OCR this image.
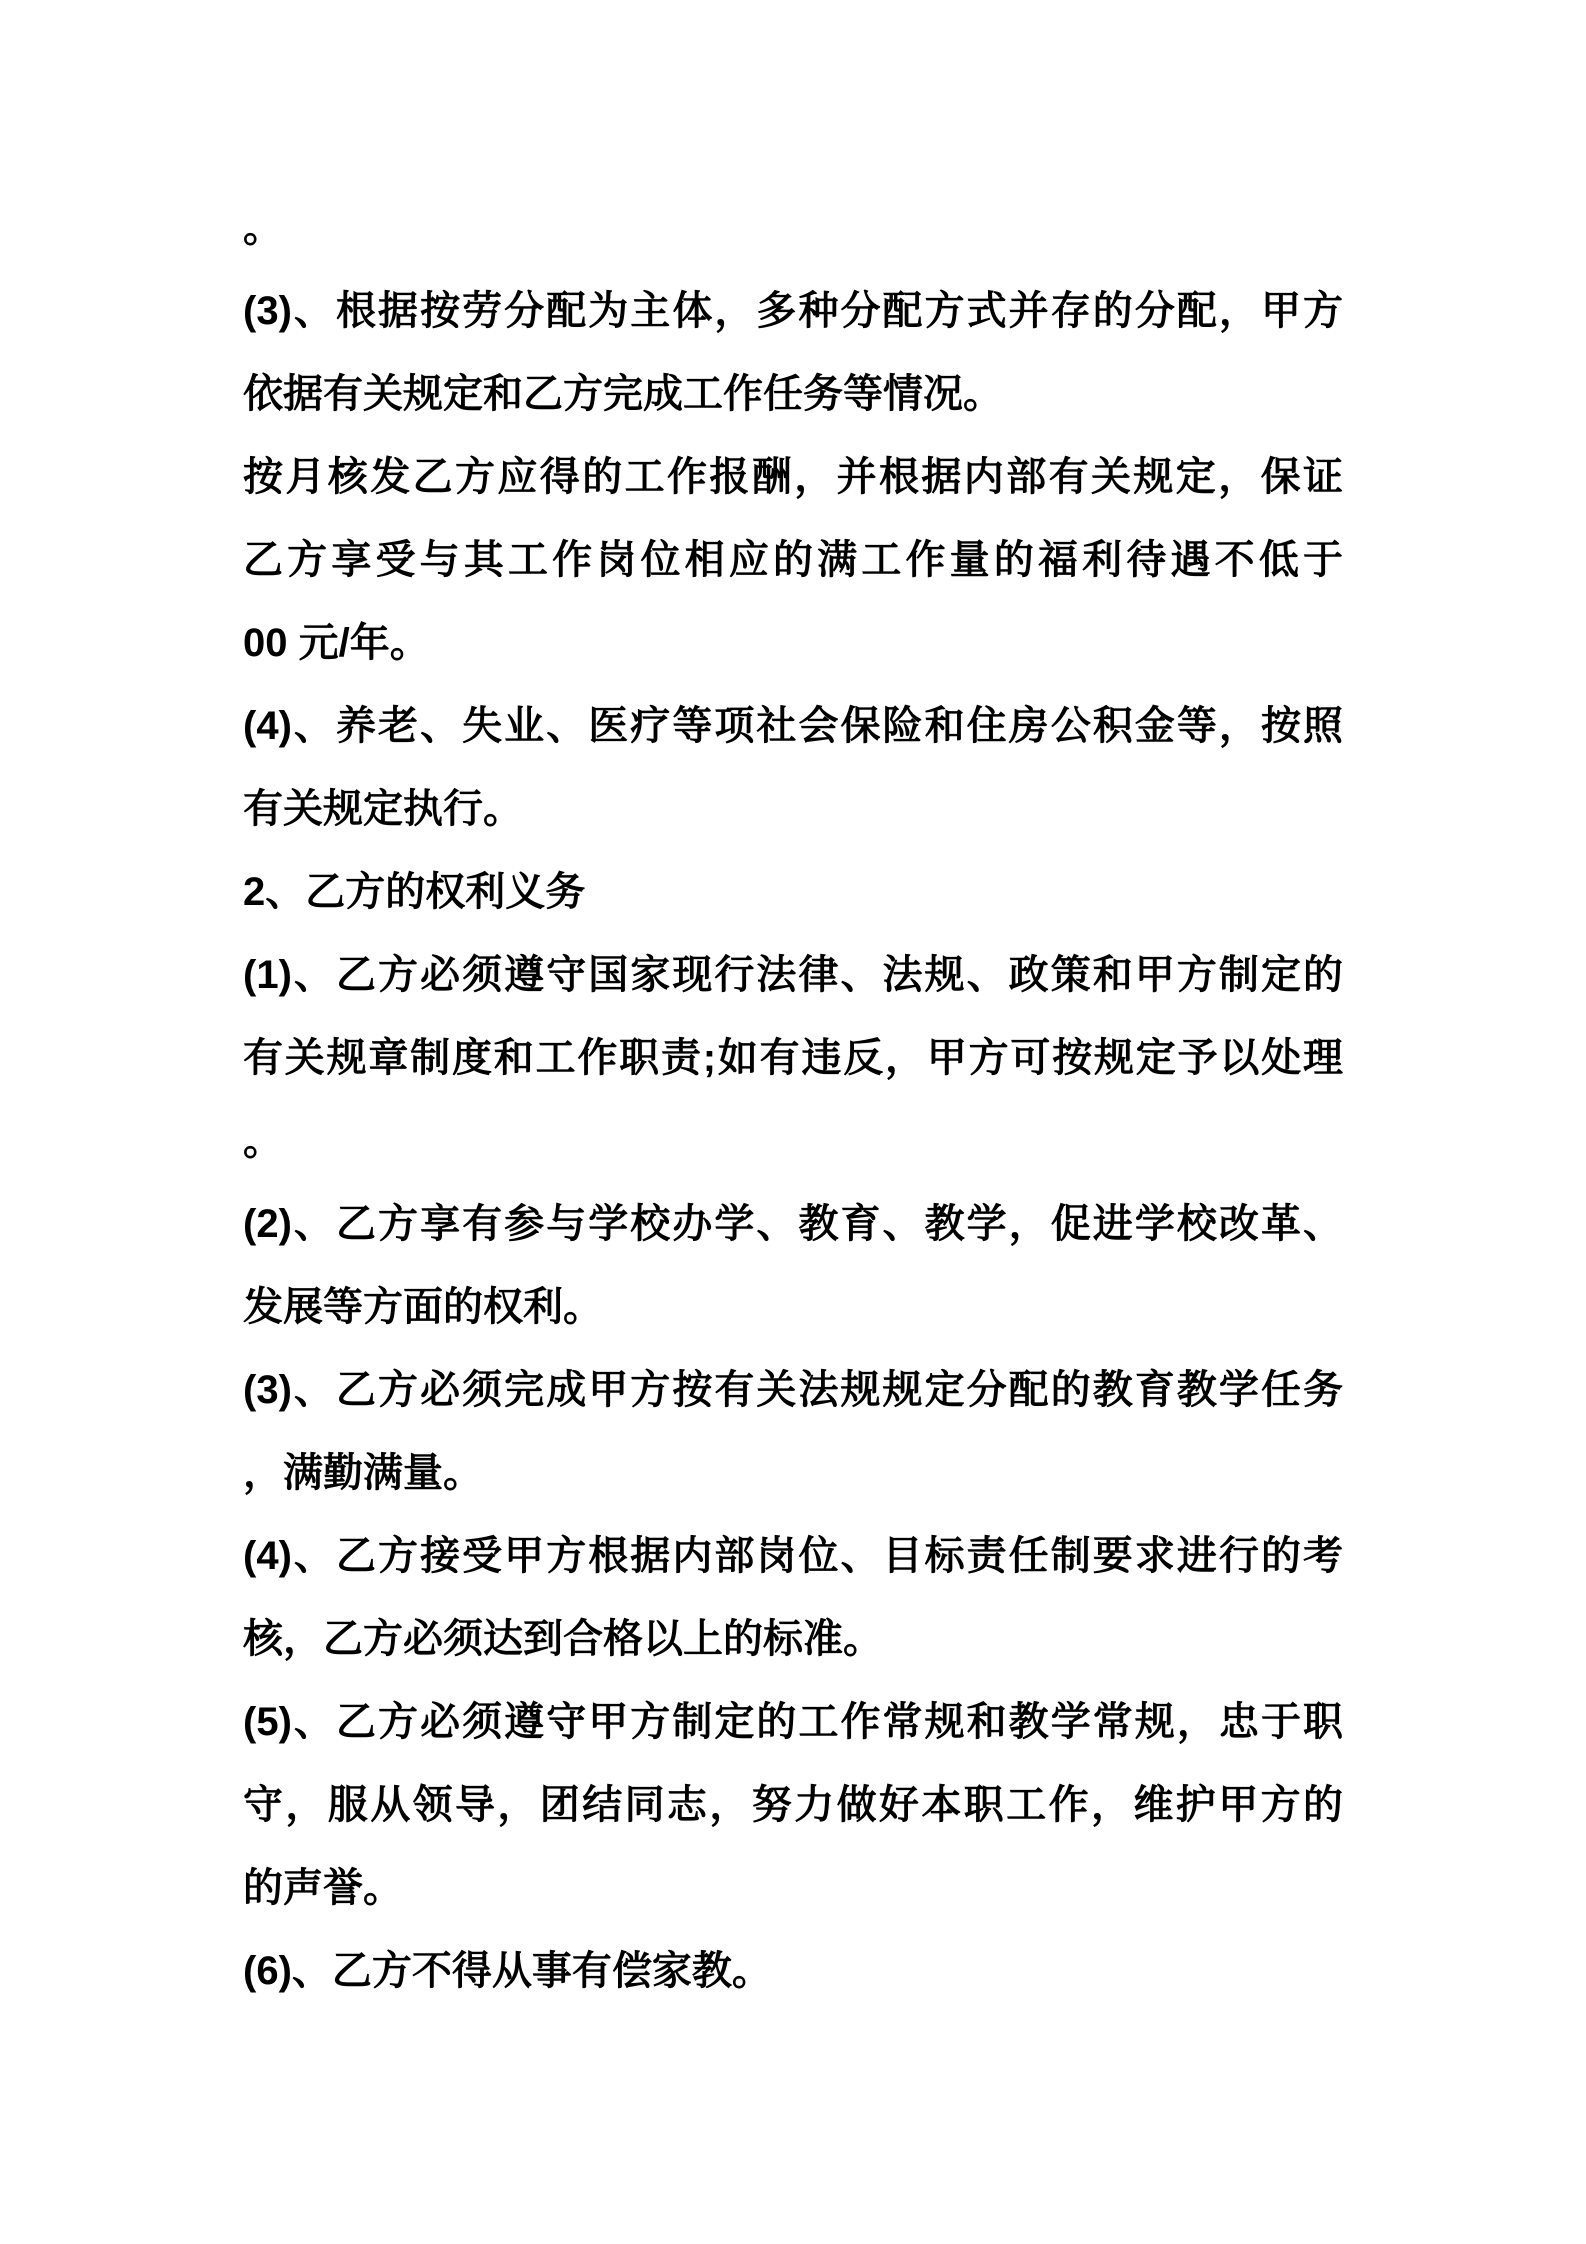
。
(3)、根据按劳分配为主体，多种分配方式并存的分配，甲方
依据有关规定和乙方完成工作任务等情况。
按月核发乙方应得的工作报酬，并根据内部有关规定，保证
乙方享受与其工作岗位相应的满工作量的福利待遇不低于
00 元/年。
(4)、养老、失业、医疗等项社会保险和住房公积金等，按照
有关规定执行。
2、乙方的权利义务
(1)、乙方必须遵守国家现行法律、法规、政策和甲方制定的
有关规章制度和工作职责;如有违反，甲方可按规定予以处理
。
(2)、乙方享有参与学校办学、教育、教学，促进学校改革、
发展等方面的权利。
(3)、乙方必须完成甲方按有关法规规定分配的教育教学任务
，满勤满量。
(4)、乙方接受甲方根据内部岗位、目标责任制要求进行的考
核，乙方必须达到合格以上的标准。
(5)、乙方必须遵守甲方制定的工作常规和教学常规，忠于职
守，服从领导，团结同志，努力做好本职工作，维护甲方的
的声誉。
(6)、乙方不得从事有偿家教。
